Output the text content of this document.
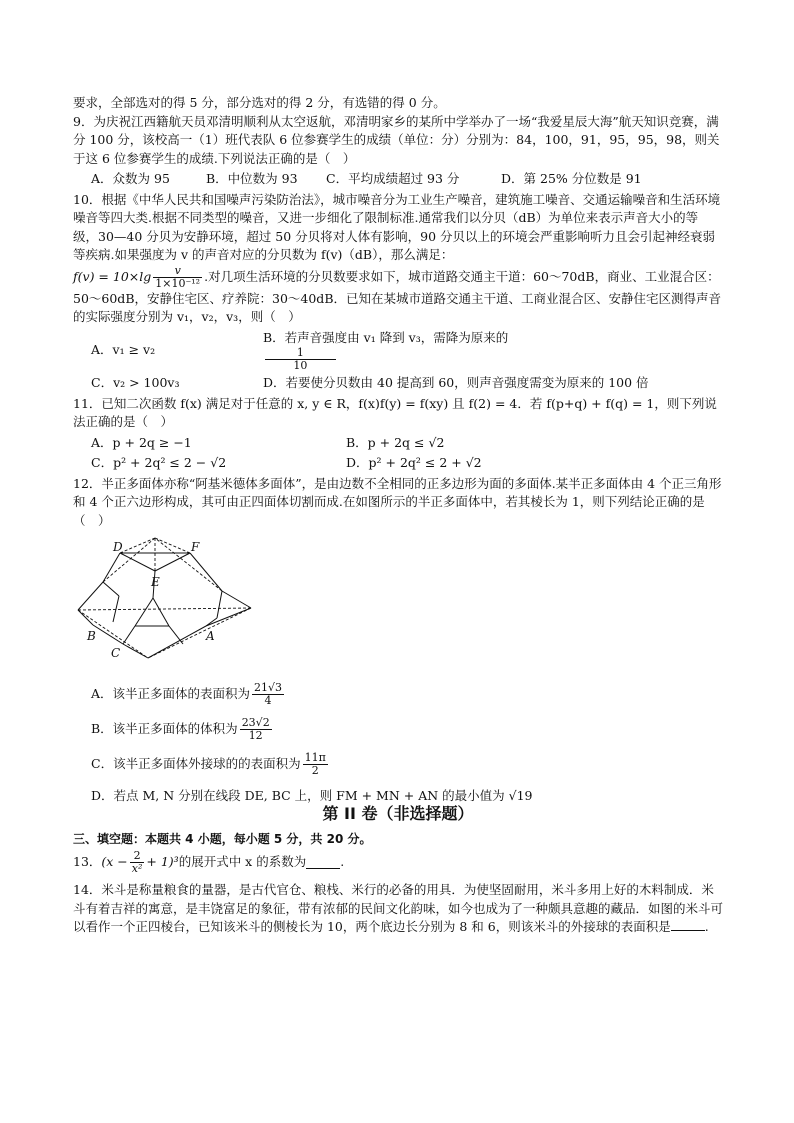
要求，全部选对的得 5 分，部分选对的得 2 分，有选错的得 0 分。

9．为庆祝江西籍航天员邓清明顺利从太空返航，邓清明家乡的某所中学举办了一场“我爱星辰大海”航天知识竞赛，满分 100 分，该校高一（1）班代表队 6 位参赛学生的成绩（单位：分）分别为：84，100，91，95，95，98，则关于这 6 位参赛学生的成绩.下列说法正确的是（　）

A．众数为 95	B．中位数为 93	C．平均成绩超过 93 分	D．第 25% 分位数是 91

10．根据《中华人民共和国噪声污染防治法》，城市噪音分为工业生产噪音，建筑施工噪音、交通运输噪音和生活环境噪音等四大类.根据不同类型的噪音，又进一步细化了限制标准.通常我们以分贝（dB）为单位来表示声音大小的等级，30—40 分贝为安静环境，超过 50 分贝将对人体有影响，90 分贝以上的环境会严重影响听力且会引起神经衰弱等疾病.如果强度为 v 的声音对应的分贝数为 f(v)（dB），那么满足：

$f(v) = 10\times\lg \frac{v}{\text{1×10⁻¹²}}$ .对几项生活环境的分贝数要求如下，城市道路交通主干道：60～70dB，商业、工业混合区：50～60dB，安静住宅区、疗养院：30～40dB．已知在某城市道路交通主干道、工商业混合区、安静住宅区测得声音的实际强度分别为 v₁，v₂，v₃，则（　）

A．v₁ ≥ v₂
B．若声音强度由 v₁ 降到 v₃，需降为原来的
$\frac{1}{10}$
C．v₂ > 100v₃	D．若要使分贝数由 40 提高到 60，则声音强度需变为原来的 100 倍

11．已知二次函数 f(x) 满足对于任意的 x, y ∈ R，f(x)f(y) = f(xy) 且 f(2) = 4．若 f(p+q) + f(q) = 1，则下列说法正确的是（　）

A．p + 2q ≥ −1	B．p + 2q ≤ √2
C．p² + 2q² ≤ 2 − √2	D．p² + 2q² ≤ 2 + √2

12．半正多面体亦称“阿基米德体多面体”，是由边数不全相同的正多边形为面的多面体.某半正多面体由 4 个正三角形和 4 个正六边形构成，其可由正四面体切割而成.在如图所示的半正多面体中，若其棱长为 1，则下列结论正确的是（　）

D	F
E
B
C
A
A．该半正多面体的表面积为 $\frac{21√3}{4}$
B．该半正多面体的体积为 $\frac{23√2}{12}$
C．该半正多面体外接球的的表面积为 $\frac{11\pi}{2}$
D．若点 M, N 分别在线段 DE, BC 上，则 FM + MN + AN 的最小值为 √19
第 II 卷（非选择题）

三、填空题：本题共 4 小题，每小题 5 分，共 20 分。

13． $(x - \frac{2}{\text{x²}} + 1)^3$ 的展开式中 x 的系数为	.

14．米斗是称量粮食的量器，是古代官仓、粮栈、米行的必备的用具．为使坚固耐用，米斗多用上好的木料制成．米斗有着吉祥的寓意，是丰饶富足的象征，带有浓郁的民间文化韵味，如今也成为了一种颇具意趣的藏品．如图的米斗可以看作一个正四棱台，已知该米斗的侧棱长为 10，两个底边长分别为 8 和 6，则该米斗的外接球的表面积是	.
